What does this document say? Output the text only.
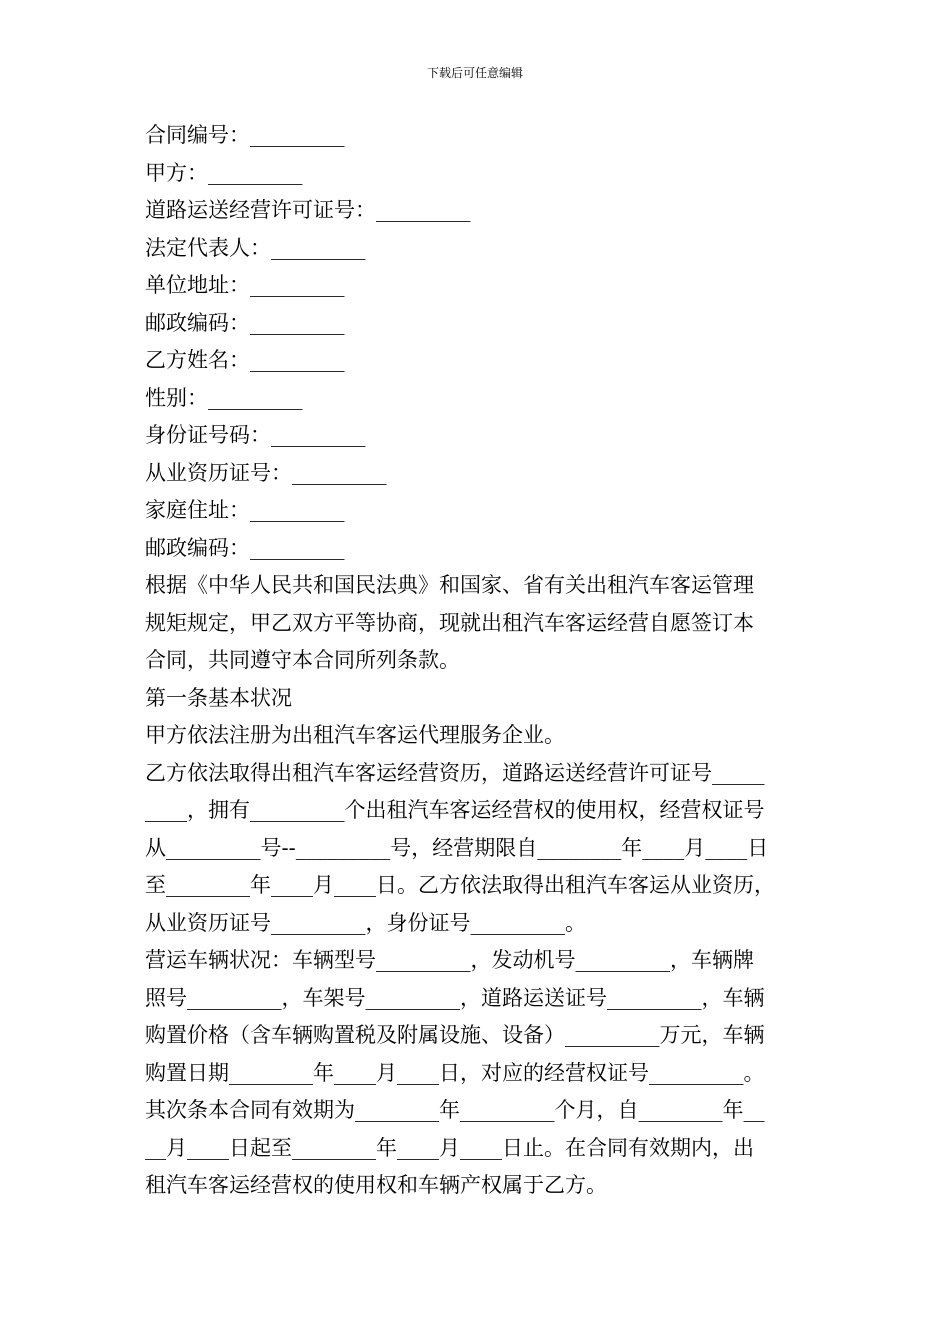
下载后可任意编辑
合同编号：_________
甲方：_________
道路运送经营许可证号：_________
法定代表人：_________
单位地址：_________
邮政编码：_________
乙方姓名：_________
性别：_________
身份证号码：_________
从业资历证号：_________
家庭住址：_________
邮政编码：_________
根据《中华人民共和国民法典》和国家、省有关出租汽车客运管理
规矩规定，甲乙双方平等协商，现就出租汽车客运经营自愿签订本
合同，共同遵守本合同所列条款。
第一条基本状况
甲方依法注册为出租汽车客运代理服务企业。
乙方依法取得出租汽车客运经营资历，道路运送经营许可证号_____
____，拥有_________个出租汽车客运经营权的使用权，经营权证号
从_________号--_________号，经营期限自________年____月____日
至________年____月____日。乙方依法取得出租汽车客运从业资历，
从业资历证号_________，身份证号_________。
营运车辆状况：车辆型号_________，发动机号_________，车辆牌
照号_________，车架号_________，道路运送证号_________，车辆
购置价格（含车辆购置税及附属设施、设备）_________万元，车辆
购置日期________年____月____日，对应的经营权证号_________。
其次条本合同有效期为________年_________个月，自________年__
__月____日起至________年____月____日止。在合同有效期内，出
租汽车客运经营权的使用权和车辆产权属于乙方。
